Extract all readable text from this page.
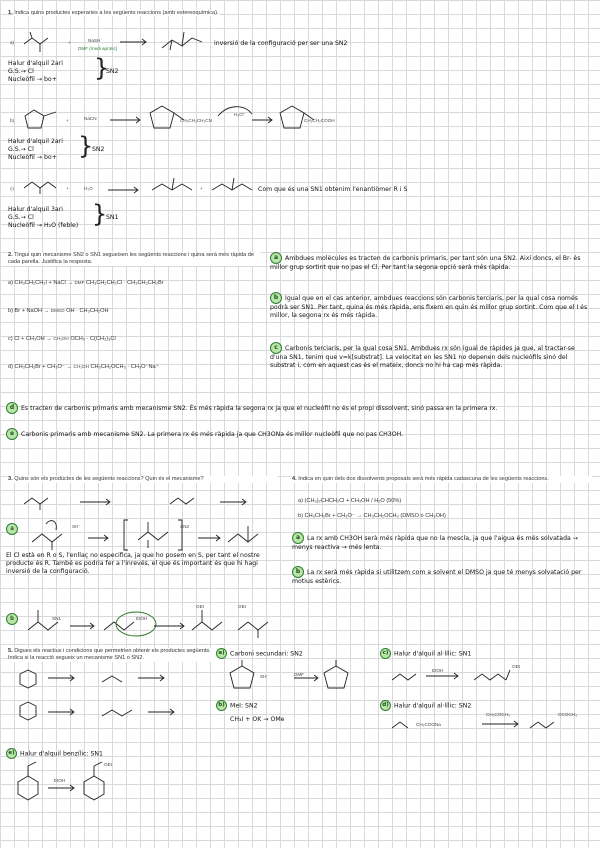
1. Indica quins productes esperaries a les següents reaccions (amb estereoquímica).
a)	+	NaSH
DMF (medi aprotic)
inversió de la configuració per ser una SN2
Halur d'alquil 2ari
G.S.→ Cl
Nucleòfil → bo+ }
SN2
b)	+	NaCN	CH₂CH₂CH₂CN
H₃O⁺
CH₂CH₂COOH
Halur d'alquil 2ari
G.S.→ Cl
Nucleòfil → bo+ }
SN2
c)	+	H₂O	+	Com que és una SN1 obtenim l'enantiòmer R i S
Halur d'alquil 3ari
G.S.→ Cl
Nucleòfil → H₂O (feble) }
SN1
2. Tingui quin mecanisme SN2 o SN1 segueixen les següents reaccions i quina serà més ràpida de cada parella. Justifica la resposta.
a) CH₃CH₂CH₂I + NaCl → DMF CH₃CH₂CH₂Cl · CH₃CH₂CH₂Br
b) Br + NaOH → DMSO OH · CH₃CH₂OH
c) Cl + CH₃OH → CH₃OH OCH₃ · C(CH₃)₃Cl
d) CH₃CH₂Br + CH₃O⁻ → CH₃OH CH₃CH₂OCH₃ · CH₃O⁻Na⁺
a Ambdues molècules es tracten de carbonis primaris, per tant són una SN2. Així doncs, el Br- és millor grup sortint que no pas el Cl. Per tant la segona opció serà més ràpida.
b Igual que en el cas anterior, ambdues reaccions són carbonis terciaris, per la qual cosa només podrà ser SN1. Per tant, quina és més ràpida, ens fixem en quin és millor grup sortint. Com que el I és millor, la segona rx és més ràpida.
c Carbonis terciaris, per la qual cosa SN1. Ambdues rx són igual de ràpides ja que, al tractar-se d'una SN1, tenim que v=k[substrat]. La velocitat en les SN1 no depenen dels nucleòfils sinó del substrat i, com en aquest cas és el mateix, doncs no hi ha cap més ràpida.
d Es tracten de carbonis primaris amb mecanisme SN2. És més ràpida la segona rx ja que el nucleòfil no és el propi dissolvent, sinó passa en la primera rx.
e Carbonis primaris amb mecanisme SN2. La primera rx és més ràpida ja que CH3ONa és millor nucleòfil que no pas CH3OH.
3. Quins són els productes de les següents reaccions? Quin és el mecanisme?
a	SH⁻	SN2
El Cl està en R o S, l'enllaç no especifica, ja que ho posem en S, per tant el nostre producte és R. També es podria fer a l'inrevés, el que és important és que hi hagi inversió de la configuració.
b	SN1	EtOH
OEt	OEt
4. Indica en quin dels dos dissolvents proposats serà més ràpida cadascuna de les següents reaccions.
a) (CH₃)₂CHCH₂Cl + CH₃OH / H₂O (50%)
b) CH₃CH₂Br + CH₃O⁻ → CH₃CH₂OCH₃ (DMSO o CH₃OH)
a La rx amb CH3OH serà més ràpida que no la mescla, ja que l'aigua és més solvatada → menys reactiva → més lenta.
b La rx serà més ràpida si utilitzem com a solvent el DMSO ja que té menys solvatació per motius estèrics.
5. Digues els reactius i condicions que permetrien obtenir els productes següents. Indica si la reacció segueix un mecanisme SN1 o SN2.
a) Carboni secundari: SN2
SH⁻	DMF
b) MeI: SN2
CH₃I + OK → OMe
c) Halur d'alquil al·lílic: SN1
EtOH
OEt
d) Halur d'alquil al·lílic: SN2
CH₃COONa
CH₃COCH₃	OCOCH₃
e) Halur d'alquil benzílic: SN1
EtOH
OEt
